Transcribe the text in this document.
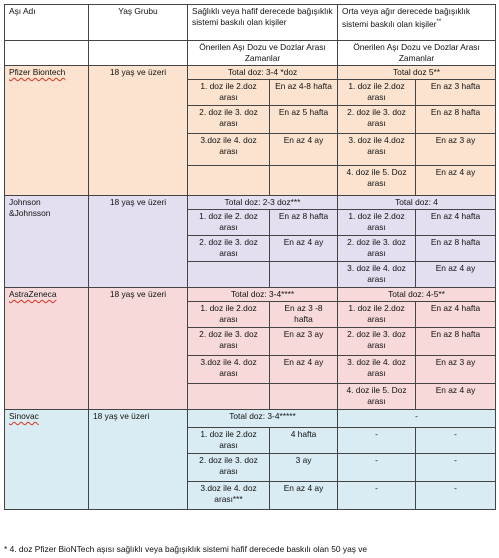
Aşı Adı	Yaş Grubu	Sağlıklı veya hafif derecede bağışıklık sistemi baskılı olan kişiler		Orta veya ağır derecede bağışıklık sistemi baskılı olan kişiler**
		Önerilen Aşı Dozu ve Dozlar Arası Zamanlar		Önerilen Aşı Dozu ve Dozlar Arası Zamanlar	
Pfizer Biontech	18 yaş ve üzeri	Total doz: 3-4 *doz		Total doz 5**	
		1. doz ile 2.doz arası	En az 4-8 hafta	1. doz ile 2.doz arası	En az 3 hafta
		2. doz ile 3. doz arası	En az 5 hafta	2. doz ile 3. doz arası	En az 8 hafta
		3.doz ile 4. doz arası	En az 4 ay	3. doz ile 4.doz arası	En az 3 ay
				4. doz ile 5. Doz arası	En az 4 ay
Johnson &Johnsson	18 yaş ve üzeri	Total doz: 2-3 doz***		Total doz: 4	
		1. doz ile 2. doz arası	En az 8 hafta	1. doz ile 2.doz arası	En az 4 hafta
		2. doz ile 3. doz arası	En az 4 ay	2. doz ile 3. doz arası	En az 8 hafta
				3. doz ile 4. doz arası	En az 4 ay
AstraZeneca	18 yaş ve üzeri	Total doz: 3-4****		Total doz: 4-5**	
		1. doz ile 2.doz arası	En az 3 -8 hafta	1. doz ile 2.doz arası	En az 4 hafta
		2. doz ile 3. doz arası	En az 3 ay	2. doz ile 3. doz arası	En az 8 hafta
		3.doz ile 4. doz arası	En az 4 ay	3. doz ile 4. doz arası	En az 3 ay
				4. doz ile 5. Doz arası	En az 4 ay
Sinovac	18 yaş ve üzeri	Total doz: 3-4*****		-	
		1. doz ile 2.doz arası	4 hafta	-	-
		2. doz ile 3. doz arası	3 ay	-	-
		3.doz ile 4. doz arası***	En az 4 ay	-	-
* 4. doz Pfizer BioNTech aşısı sağlıklı veya bağışıklık sistemi hafif derecede baskılı olan 50 yaş ve
